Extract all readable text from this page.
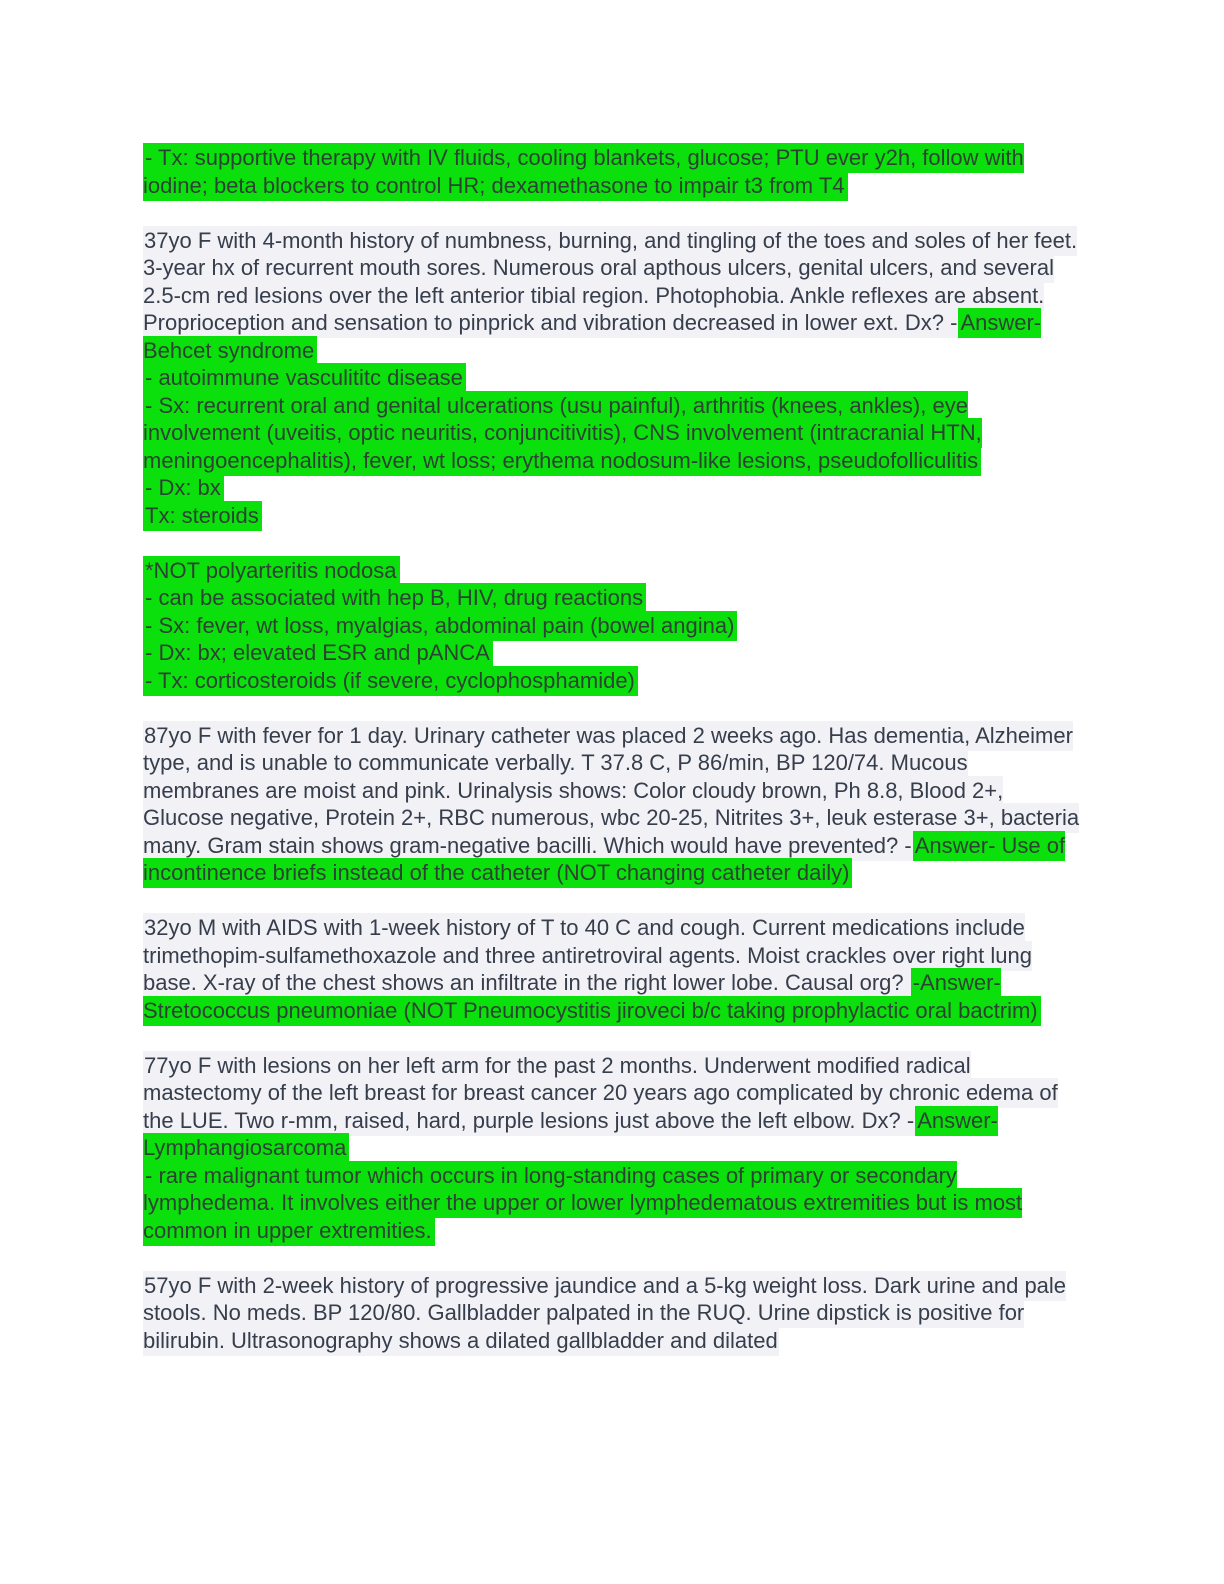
- Tx: supportive therapy with IV fluids, cooling blankets, glucose; PTU ever y2h, follow with iodine; beta blockers to control HR; dexamethasone to impair t3 from T4

37yo F with 4-month history of numbness, burning, and tingling of the toes and soles of her feet. 3-year hx of recurrent mouth sores. Numerous oral apthous ulcers, genital ulcers, and several 2.5-cm red lesions over the left anterior tibial region. Photophobia. Ankle reflexes are absent. Proprioception and sensation to pinprick and vibration decreased in lower ext. Dx? - Answer- Behcet syndrome

- autoimmune vasculititc disease

- Sx: recurrent oral and genital ulcerations (usu painful), arthritis (knees, ankles), eye involvement (uveitis, optic neuritis, conjuncitivitis), CNS involvement (intracranial HTN, meningoencephalitis), fever, wt loss; erythema nodosum-like lesions, pseudofolliculitis

- Dx: bx

Tx: steroids

*NOT polyarteritis nodosa

- can be associated with hep B, HIV, drug reactions

- Sx: fever, wt loss, myalgias, abdominal pain (bowel angina)

- Dx: bx; elevated ESR and pANCA

- Tx: corticosteroids (if severe, cyclophosphamide)

87yo F with fever for 1 day. Urinary catheter was placed 2 weeks ago. Has dementia, Alzheimer type, and is unable to communicate verbally. T 37.8 C, P 86/min, BP 120/74. Mucous membranes are moist and pink. Urinalysis shows: Color cloudy brown, Ph 8.8, Blood 2+, Glucose negative, Protein 2+, RBC numerous, wbc 20-25, Nitrites 3+, leuk esterase 3+, bacteria many. Gram stain shows gram-negative bacilli. Which would have prevented? - Answer- Use of incontinence briefs instead of the catheter (NOT changing catheter daily)

32yo M with AIDS with 1-week history of T to 40 C and cough. Current medications include trimethopim-sulfamethoxazole and three antiretroviral agents. Moist crackles over right lung base. X-ray of the chest shows an infiltrate in the right lower lobe. Causal org? -Answer- Stretococcus pneumoniae (NOT Pneumocystitis jiroveci b/c taking prophylactic oral bactrim)

77yo F with lesions on her left arm for the past 2 months. Underwent modified radical mastectomy of the left breast for breast cancer 20 years ago complicated by chronic edema of the LUE. Two r-mm, raised, hard, purple lesions just above the left elbow. Dx? - Answer- Lymphangiosarcoma

- rare malignant tumor which occurs in long-standing cases of primary or secondary lymphedema. It involves either the upper or lower lymphedematous extremities but is most common in upper extremities.

57yo F with 2-week history of progressive jaundice and a 5-kg weight loss. Dark urine and pale stools. No meds. BP 120/80. Gallbladder palpated in the RUQ. Urine dipstick is positive for bilirubin. Ultrasonography shows a dilated gallbladder and dilated
